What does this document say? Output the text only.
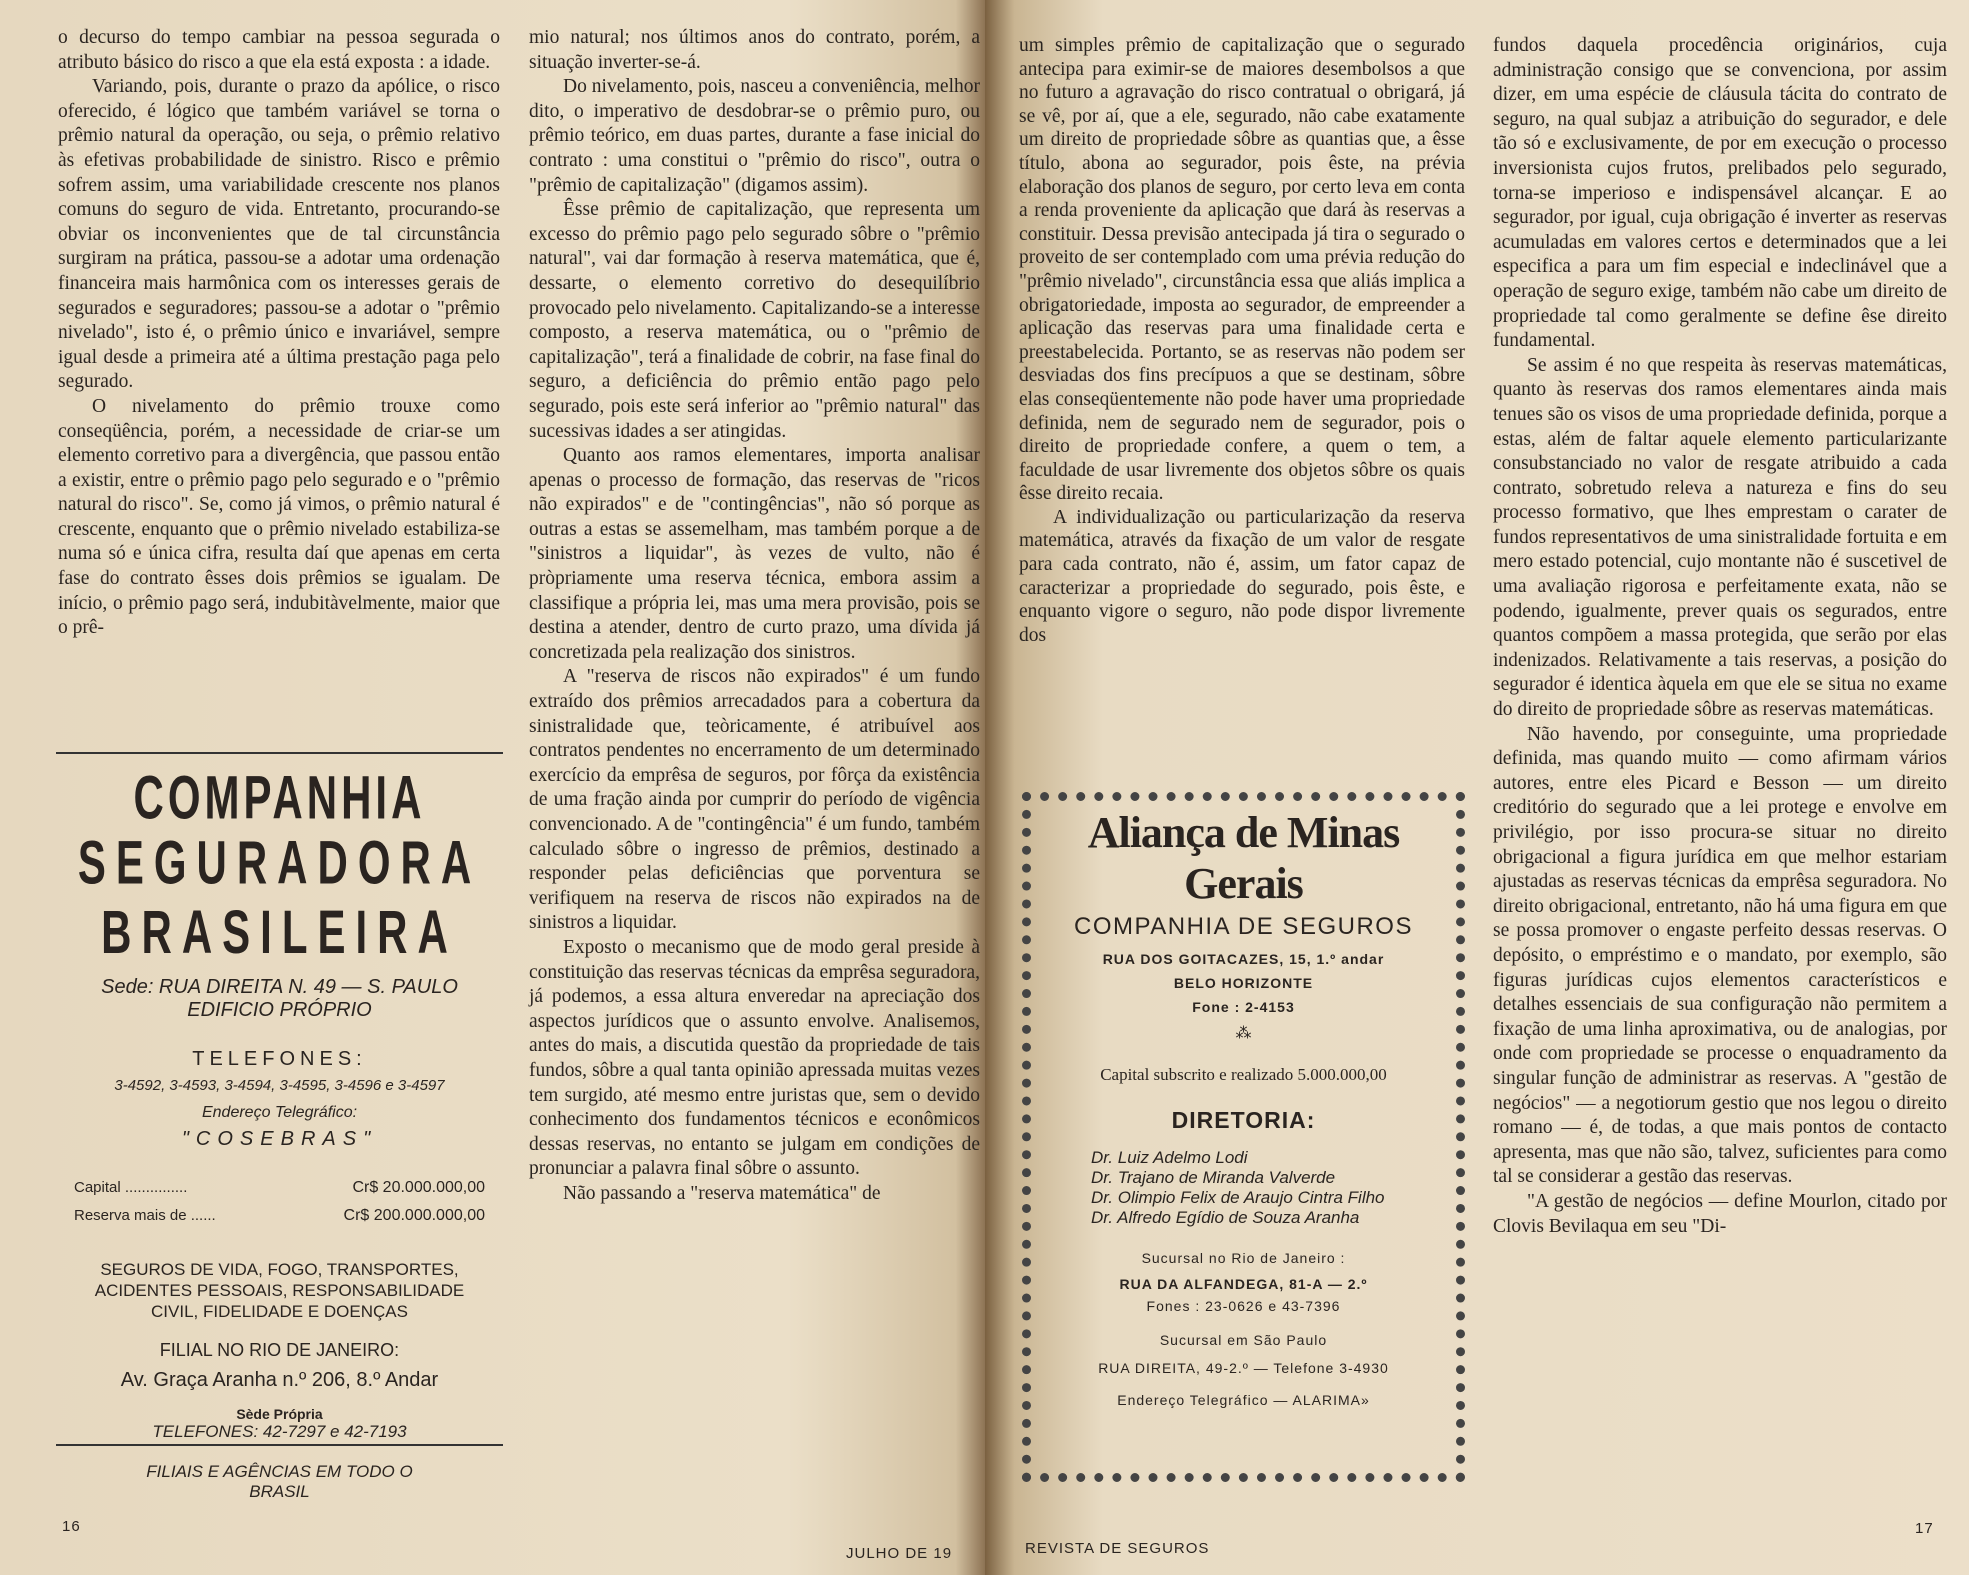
o decurso do tempo cambiar na pessoa segurada o atributo básico do risco a que ela está exposta : a idade.

Variando, pois, durante o prazo da apólice, o risco oferecido, é lógico que também variável se torna o prêmio natural da operação, ou seja, o prêmio relativo às efetivas probabilidade de sinistro. Risco e prêmio sofrem assim, uma variabilidade crescente nos planos comuns do seguro de vida. Entretanto, procurando-se obviar os inconvenientes que de tal circunstância surgiram na prática, passou-se a adotar uma ordenação financeira mais harmônica com os interesses gerais de segurados e seguradores; passou-se a adotar o "prêmio nivelado", isto é, o prêmio único e invariável, sempre igual desde a primeira até a última prestação paga pelo segurado.

O nivelamento do prêmio trouxe como conseqüência, porém, a necessidade de criar-se um elemento corretivo para a divergência, que passou então a existir, entre o prêmio pago pelo segurado e o "prêmio natural do risco". Se, como já vimos, o prêmio natural é crescente, enquanto que o prêmio nivelado estabiliza-se numa só e única cifra, resulta daí que apenas em certa fase do contrato êsses dois prêmios se igualam. De início, o prêmio pago será, indubitàvelmente, maior que o prê-

mio natural; nos últimos anos do contrato, porém, a situação inverter-se-á.

Do nivelamento, pois, nasceu a conveniência, melhor dito, o imperativo de desdobrar-se o prêmio puro, ou prêmio teórico, em duas partes, durante a fase inicial do contrato : uma constitui o "prêmio do risco", outra o "prêmio de capitalização" (digamos assim).

Êsse prêmio de capitalização, que representa um excesso do prêmio pago pelo segurado sôbre o "prêmio natural", vai dar formação à reserva matemática, que é, dessarte, o elemento corretivo do desequilíbrio provocado pelo nivelamento. Capitalizando-se a interesse composto, a reserva matemática, ou o "prêmio de capitalização", terá a finalidade de cobrir, na fase final do seguro, a deficiência do prêmio então pago pelo segurado, pois este será inferior ao "prêmio natural" das sucessivas idades a ser atingidas.

Quanto aos ramos elementares, importa analisar apenas o processo de formação, das reservas de "ricos não expirados" e de "contingências", não só porque as outras a estas se assemelham, mas também porque a de "sinistros a liquidar", às vezes de vulto, não é pròpriamente uma reserva técnica, embora assim a classifique a própria lei, mas uma mera provisão, pois se destina a atender, dentro de curto prazo, uma dívida já concretizada pela realização dos sinistros.

A "reserva de riscos não expirados" é um fundo extraído dos prêmios arrecadados para a cobertura da sinistralidade que, teòricamente, é atribuível aos contratos pendentes no encerramento de um determinado exercício da emprêsa de seguros, por fôrça da existência de uma fração ainda por cumprir do período de vigência convencionado. A de "contingência" é um fundo, também calculado sôbre o ingresso de prêmios, destinado a responder pelas deficiências que porventura se verifiquem na reserva de riscos não expirados na de sinistros a liquidar.

Exposto o mecanismo que de modo geral preside à constituição das reservas técnicas da emprêsa seguradora, já podemos, a essa altura enveredar na apreciação dos aspectos jurídicos que o assunto envolve. Analisemos, antes do mais, a discutida questão da propriedade de tais fundos, sôbre a qual tanta opinião apressada muitas vezes tem surgido, até mesmo entre juristas que, sem o devido conhecimento dos fundamentos técnicos e econômicos dessas reservas, no entanto se julgam em condições de pronunciar a palavra final sôbre o assunto.

Não passando a "reserva matemática" de

COMPANHIA
SEGURADORA BRASILEIRA
Sede: RUA DIREITA N. 49 — S. PAULO
EDIFICIO PRÓPRIO
TELEFONES:
3-4592, 3-4593, 3-4594, 3-4595, 3-4596 e 3-4597
Endereço Telegráfico:
"COSEBRAS"
Capital ...............	Cr$ 20.000.000,00
Reserva mais de ......	Cr$ 200.000.000,00
SEGUROS DE VIDA, FOGO, TRANSPORTES, ACIDENTES PESSOAIS, RESPONSABILIDADE CIVIL, FIDELIDADE E DOENÇAS
FILIAL NO RIO DE JANEIRO:
Av. Graça Aranha n.º 206, 8.º Andar
Sède Própria
TELEFONES: 42-7297 e 42-7193
FILIAIS E AGÊNCIAS EM TODO O BRASIL
16
JULHO DE 19

um simples prêmio de capitalização que o segurado antecipa para eximir-se de maiores desembolsos a que no futuro a agravação do risco contratual o obrigará, já se vê, por aí, que a ele, segurado, não cabe exatamente um direito de propriedade sôbre as quantias que, a êsse título, abona ao segurador, pois êste, na prévia elaboração dos planos de seguro, por certo leva em conta a renda proveniente da aplicação que dará às reservas a constituir. Dessa previsão antecipada já tira o segurado o proveito de ser contemplado com uma prévia redução do "prêmio nivelado", circunstância essa que aliás implica a obrigatoriedade, imposta ao segurador, de empreender a aplicação das reservas para uma finalidade certa e preestabelecida. Portanto, se as reservas não podem ser desviadas dos fins precípuos a que se destinam, sôbre elas conseqüentemente não pode haver uma propriedade definida, nem de segurado nem de segurador, pois o direito de propriedade confere, a quem o tem, a faculdade de usar livremente dos objetos sôbre os quais êsse direito recaia.

A individualização ou particularização da reserva matemática, através da fixação de um valor de resgate para cada contrato, não é, assim, um fator capaz de caracterizar a propriedade do segurado, pois êste, e enquanto vigore o seguro, não pode dispor livremente dos

fundos daquela procedência originários, cuja administração consigo que se convenciona, por assim dizer, em uma espécie de cláusula tácita do contrato de seguro, na qual subjaz a atribuição do segurador, e dele tão só e exclusivamente, de por em execução o processo inversionista cujos frutos, prelibados pelo segurado, torna-se imperioso e indispensável alcançar. E ao segurador, por igual, cuja obrigação é inverter as reservas acumuladas em valores certos e determinados que a lei especifica a para um fim especial e indeclinável que a operação de seguro exige, também não cabe um direito de propriedade tal como geralmente se define êse direito fundamental.

Se assim é no que respeita às reservas matemáticas, quanto às reservas dos ramos elementares ainda mais tenues são os visos de uma propriedade definida, porque a estas, além de faltar aquele elemento particularizante consubstanciado no valor de resgate atribuido a cada contrato, sobretudo releva a natureza e fins do seu processo formativo, que lhes emprestam o carater de fundos representativos de uma sinistralidade fortuita e em mero estado potencial, cujo montante não é suscetivel de uma avaliação rigorosa e perfeitamente exata, não se podendo, igualmente, prever quais os segurados, entre quantos compõem a massa protegida, que serão por elas indenizados. Relativamente a tais reservas, a posição do segurador é identica àquela em que ele se situa no exame do direito de propriedade sôbre as reservas matemáticas.

Não havendo, por conseguinte, uma propriedade definida, mas quando muito — como afirmam vários autores, entre eles Picard e Besson — um direito creditório do segurado que a lei protege e envolve em privilégio, por isso procura-se situar no direito obrigacional a figura jurídica em que melhor estariam ajustadas as reservas técnicas da emprêsa seguradora. No direito obrigacional, entretanto, não há uma figura em que se possa promover o engaste perfeito dessas reservas. O depósito, o empréstimo e o mandato, por exemplo, são figuras jurídicas cujos elementos característicos e detalhes essenciais de sua configuração não permitem a fixação de uma linha aproximativa, ou de analogias, por onde com propriedade se processe o enquadramento da singular função de administrar as reservas. A "gestão de negócios" — a negotiorum gestio que nos legou o direito romano — é, de todas, a que mais pontos de contacto apresenta, mas que não são, talvez, suficientes para como tal se considerar a gestão das reservas.

"A gestão de negócios — define Mourlon, citado por Clovis Bevilaqua em seu "Di-

Aliança de Minas Gerais
COMPANHIA DE SEGUROS
RUA DOS GOITACAZES, 15, 1.º andar
BELO HORIZONTE
Fone : 2-4153
⁂
Capital subscrito e realizado 5.000.000,00
DIRETORIA:
Dr. Luiz Adelmo Lodi
Dr. Trajano de Miranda Valverde
Dr. Olimpio Felix de Araujo Cintra Filho
Dr. Alfredo Egídio de Souza Aranha
Sucursal no Rio de Janeiro :
RUA DA ALFANDEGA, 81-A — 2.º
Fones : 23-0626 e 43-7396
Sucursal em São Paulo
RUA DIREITA, 49-2.º — Telefone 3-4930
Endereço Telegráfico — ALARIMA»
REVISTA DE SEGUROS
17
